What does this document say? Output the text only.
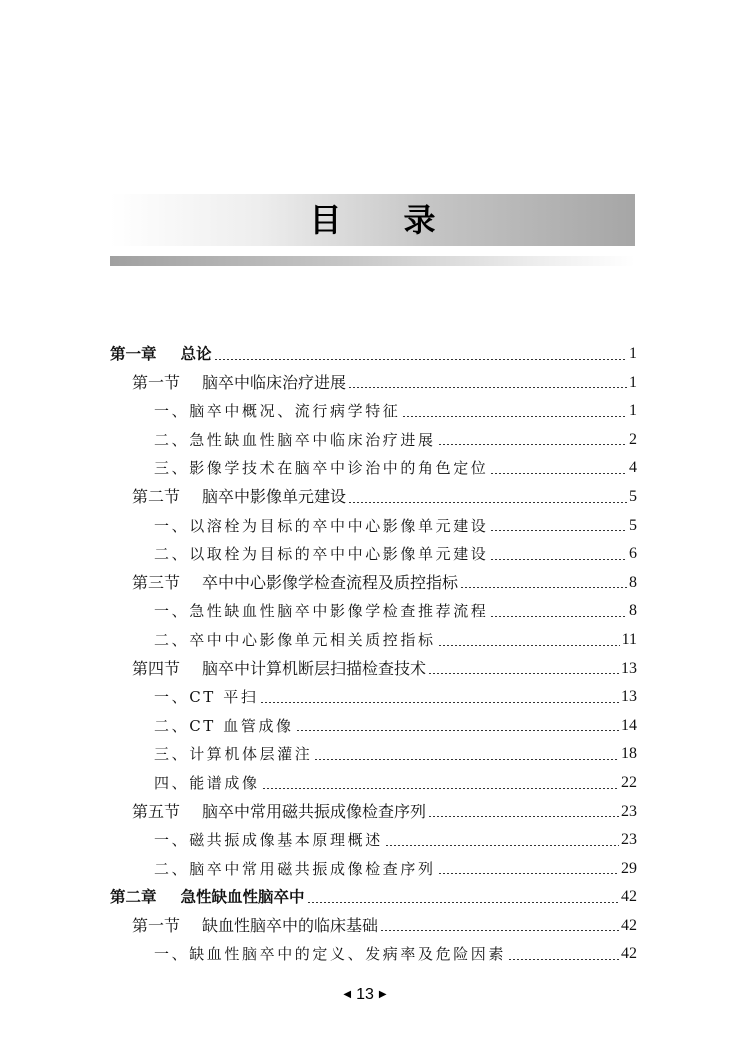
目录
第一章 总论	1
第一节 脑卒中临床治疗进展	1
一、脑卒中概况、流行病学特征	1
二、急性缺血性脑卒中临床治疗进展	2
三、影像学技术在脑卒中诊治中的角色定位	4
第二节 脑卒中影像单元建设	5
一、以溶栓为目标的卒中中心影像单元建设	5
二、以取栓为目标的卒中中心影像单元建设	6
第三节 卒中中心影像学检查流程及质控指标	8
一、急性缺血性脑卒中影像学检查推荐流程	8
二、卒中中心影像单元相关质控指标	11
第四节 脑卒中计算机断层扫描检查技术	13
一、CT 平扫	13
二、CT 血管成像	14
三、计算机体层灌注	18
四、能谱成像	22
第五节 脑卒中常用磁共振成像检查序列	23
一、磁共振成像基本原理概述	23
二、脑卒中常用磁共振成像检查序列	29
第二章 急性缺血性脑卒中	42
第一节 缺血性脑卒中的临床基础	42
一、缺血性脑卒中的定义、发病率及危险因素	42
◀ 13 ▶
